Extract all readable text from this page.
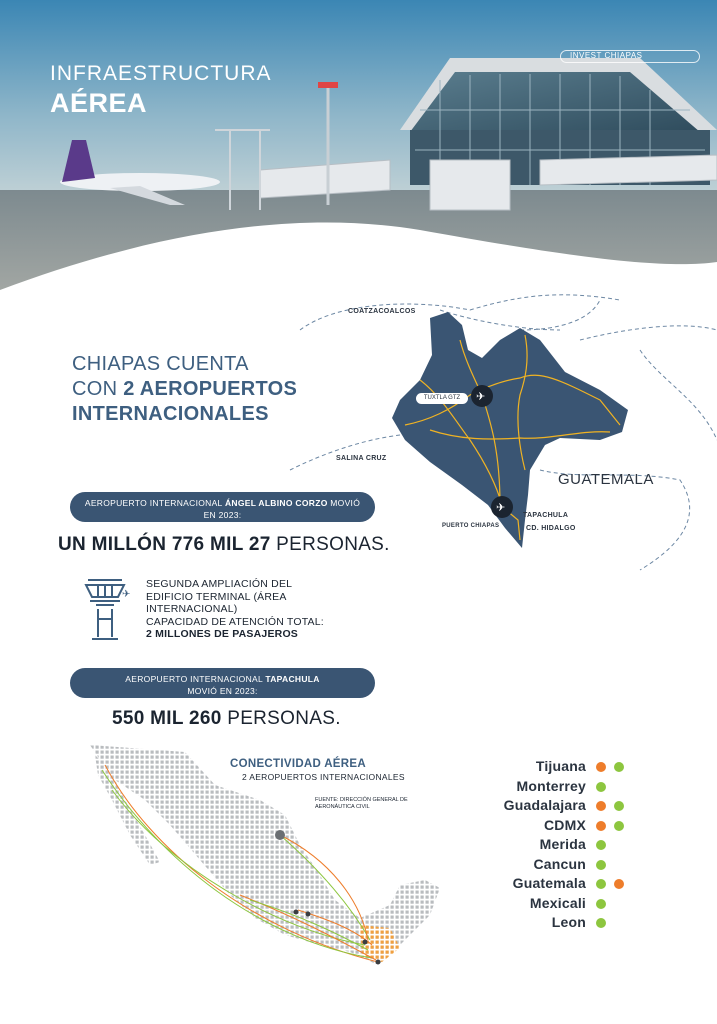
INFRAESTRUCTURA
AÉREA
INVEST CHIAPAS
✈
✈
COATZACOALCOS
SALINA CRUZ
TUXTLA GTZ
TAPACHULA
PUERTO CHIAPAS	CD. HIDALGO
GUATEMALA
CHIAPAS CUENTA
CON 2 AEROPUERTOS
INTERNACIONALES
AEROPUERTO INTERNACIONAL ÁNGEL ALBINO CORZO MOVIÓ EN 2023:
UN MILLÓN 776 MIL 27 PERSONAS.
✈
SEGUNDA AMPLIACIÓN DEL
EDIFICIO TERMINAL (ÁREA
INTERNACIONAL)
CAPACIDAD DE ATENCIÓN TOTAL:
2 MILLONES DE PASAJEROS
AEROPUERTO INTERNACIONAL TAPACHULA
MOVIÓ EN 2023:
550 MIL 260 PERSONAS.
CONECTIVIDAD AÉREA
2 AEROPUERTOS INTERNACIONALES
FUENTE: DIRECCIÓN GENERAL DE AERONÁUTICA CIVIL
Tijuana
Monterrey
Guadalajara
CDMX
Merida
Cancun
Guatemala
Mexicali
Leon
